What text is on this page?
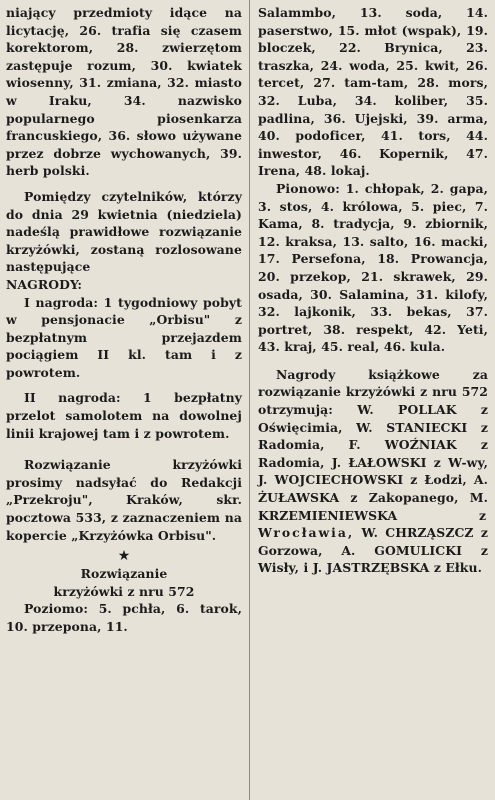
niający przedmioty idące na licytację, 26. trafia się czasem korektorom, 28. zwierzętom zastępuje rozum, 30. kwiatek wiosenny, 31. zmiana, 32. miasto w Iraku, 34. nazwisko popularnego piosenkarza francuskiego, 36. słowo używane przez dobrze wychowanych, 39. herb polski.

Pomiędzy czytelników, którzy do dnia 29 kwietnia (niedziela) nadeślą prawidłowe rozwiązanie krzyżówki, zostaną rozlosowane następujące

NAGRODY:

I nagroda: 1 tygodniowy pobyt w pensjonacie „Orbisu" z bezpłatnym przejazdem pociągiem II kl. tam i z powrotem.

II nagroda: 1 bezpłatny przelot samolotem na dowolnej linii krajowej tam i z powrotem.

Rozwiązanie krzyżówki prosimy nadsyłać do Redakcji „Przekroju", Kraków, skr. pocztowa 533, z zaznaczeniem na kopercie „Krzyżówka Orbisu".

★

Rozwiązanie krzyżówki z nru 572

Poziomo: 5. pchła, 6. tarok, 10. przepona, 11.

Salammbo, 13. soda, 14. paserstwo, 15. młot (wspak), 19. bloczek, 22. Brynica, 23. traszka, 24. woda, 25. kwit, 26. tercet, 27. tam-tam, 28. mors, 32. Luba, 34. koliber, 35. padlina, 36. Ujejski, 39. arma, 40. podoficer, 41. tors, 44. inwestor, 46. Kopernik, 47. Irena, 48. lokaj.

Pionowo: 1. chłopak, 2. gapa, 3. stos, 4. królowa, 5. piec, 7. Kama, 8. tradycja, 9. zbiornik, 12. kraksa, 13. salto, 16. macki, 17. Persefona, 18. Prowancja, 20. przekop, 21. skrawek, 29. osada, 30. Salamina, 31. kilofy, 32. lajkonik, 33. bekas, 37. portret, 38. respekt, 42. Yeti, 43. kraj, 45. real, 46. kula.

Nagrody książkowe za rozwiązanie krzyżówki z nru 572 otrzymują: W. POLLAK z Oświęcimia, W. STANIECKI z Radomia, F. WOŹNIAK z Radomia, J. ŁAŁOWSKI z W-wy, J. WOJCIECHOWSKI z Łodzi, A. ŻUŁAWSKA z Zakopanego, M. KRZEMIENIEWSKA	z Wrocławia, W. CHRZĄSZCZ z Gorzowa, A. GOMULICKI z Wisły, i J. JASTRZĘBSKA z Ełku.
